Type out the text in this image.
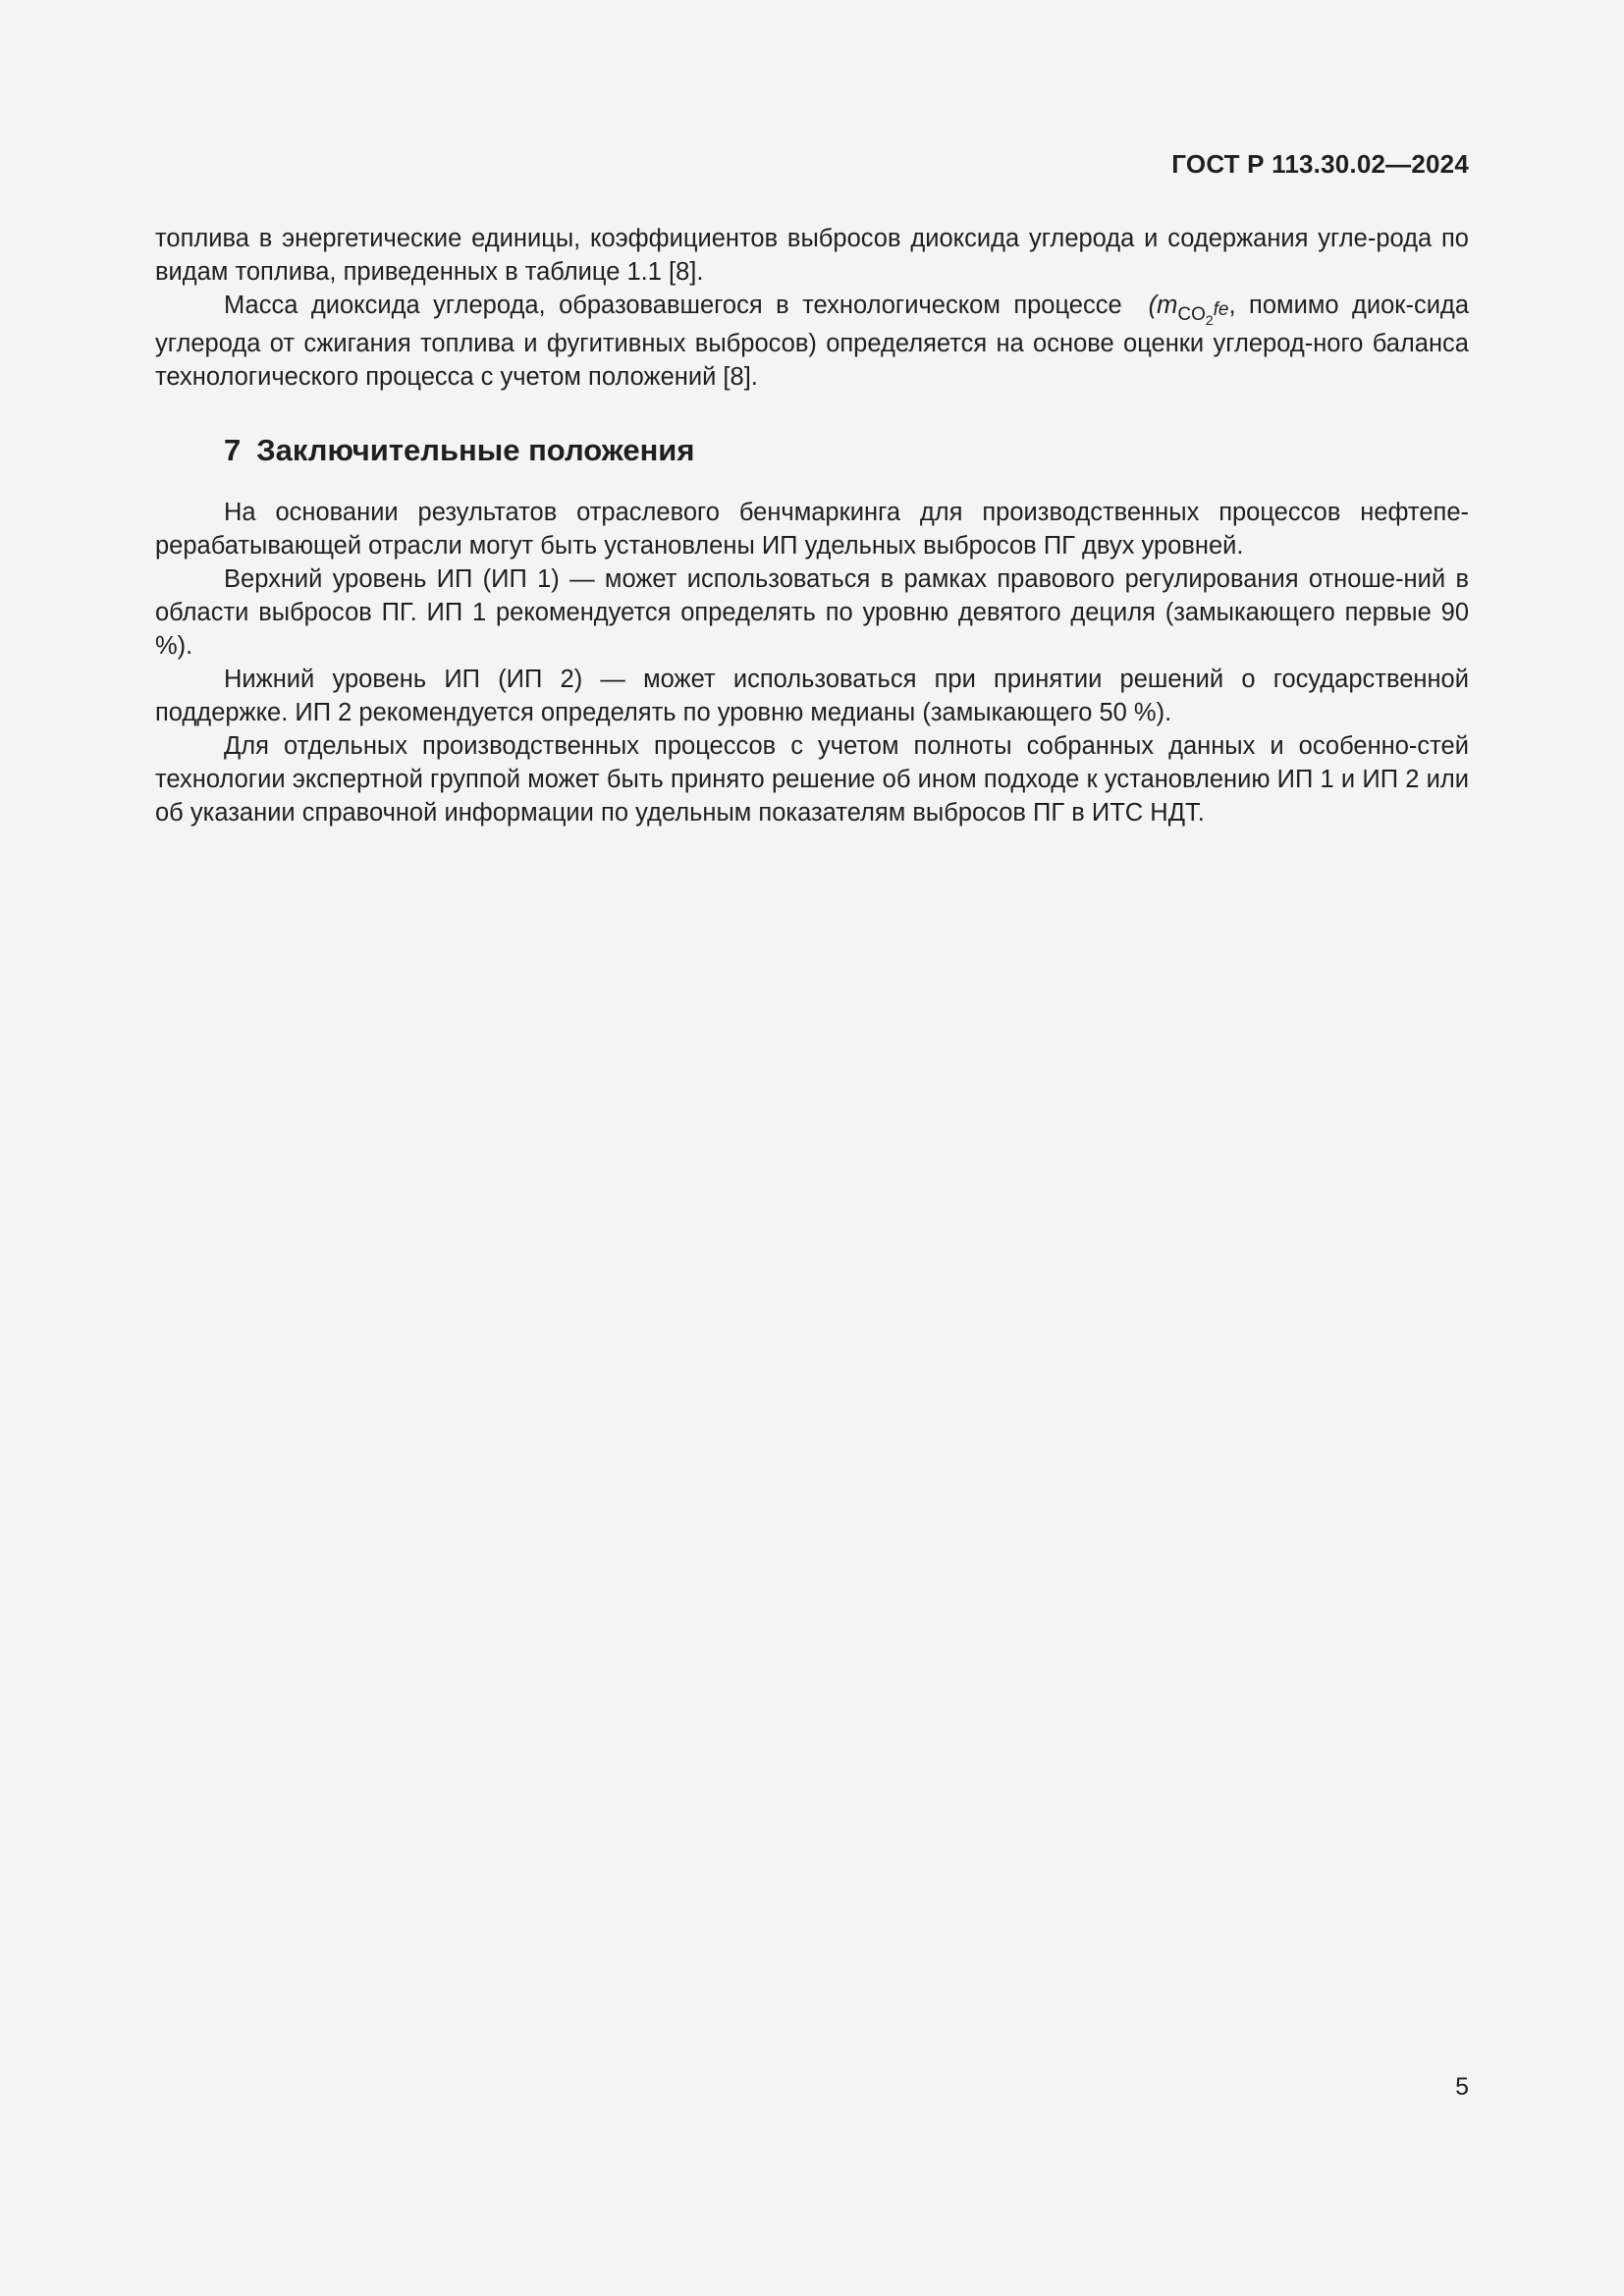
ГОСТ Р 113.30.02—2024

топлива в энергетические единицы, коэффициентов выбросов диоксида углерода и содержания угле-рода по видам топлива, приведенных в таблице 1.1 [8].

Масса диоксида углерода, образовавшегося в технологическом процессе ($m_{CO_2}fe$, помимо диок-сида углерода от сжигания топлива и фугитивных выбросов) определяется на основе оценки углерод-ного баланса технологического процесса с учетом положений [8].

7 Заключительные положения

На основании результатов отраслевого бенчмаркинга для производственных процессов нефтепе-рерабатывающей отрасли могут быть установлены ИП удельных выбросов ПГ двух уровней.

Верхний уровень ИП (ИП 1) — может использоваться в рамках правового регулирования отноше-ний в области выбросов ПГ. ИП 1 рекомендуется определять по уровню девятого дециля (замыкающего первые 90 %).

Нижний уровень ИП (ИП 2) — может использоваться при принятии решений о государственной поддержке. ИП 2 рекомендуется определять по уровню медианы (замыкающего 50 %).

Для отдельных производственных процессов с учетом полноты собранных данных и особенно-стей технологии экспертной группой может быть принято решение об ином подходе к установлению ИП 1 и ИП 2 или об указании справочной информации по удельным показателям выбросов ПГ в ИТС НДТ.

5
